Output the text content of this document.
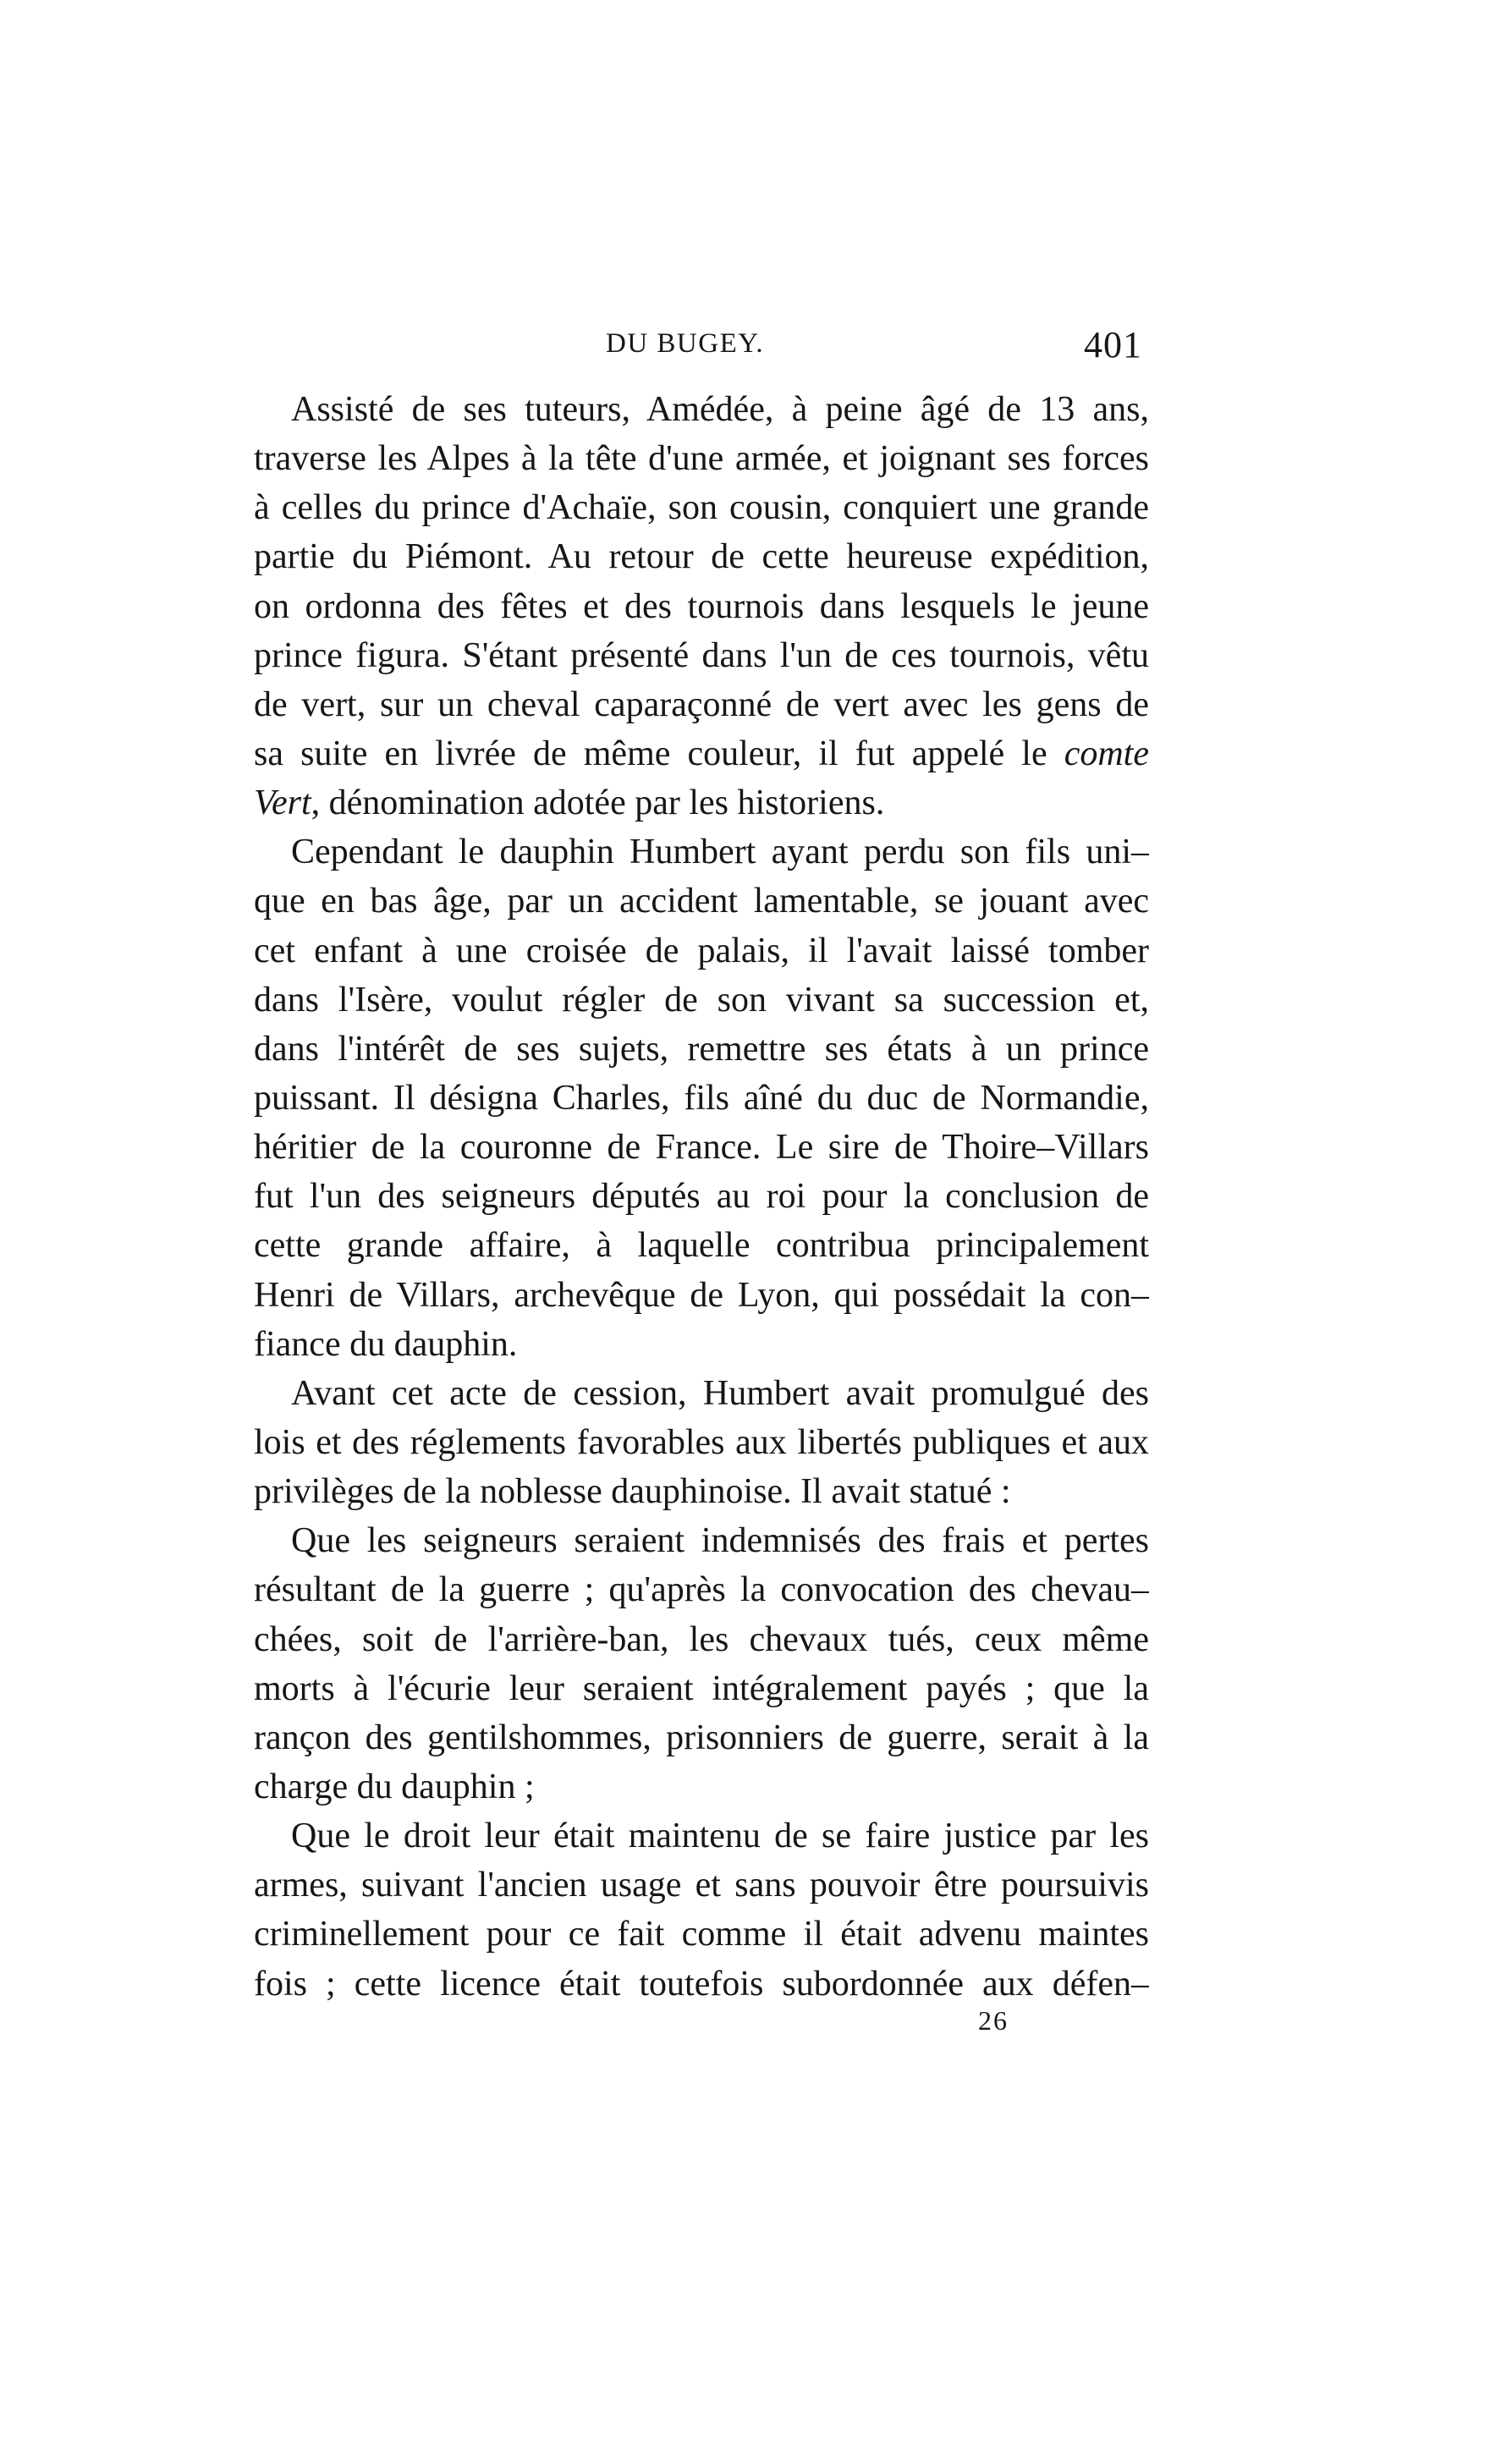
DU BUGEY.	401
Assisté de ses tuteurs, Amédée, à peine âgé de 13 ans,
traverse les Alpes à la tête d'une armée, et joignant ses forces
à celles du prince d'Achaïe, son cousin, conquiert une grande
partie du Piémont. Au retour de cette heureuse expédition,
on ordonna des fêtes et des tournois dans lesquels le jeune
prince figura. S'étant présenté dans l'un de ces tournois, vêtu
de vert, sur un cheval caparaçonné de vert avec les gens de
sa suite en livrée de même couleur, il fut appelé le comte
Vert, dénomination adotée par les historiens.
Cependant le dauphin Humbert ayant perdu son fils uni–
que en bas âge, par un accident lamentable, se jouant avec
cet enfant à une croisée de palais, il l'avait laissé tomber
dans l'Isère, voulut régler de son vivant sa succession et,
dans l'intérêt de ses sujets, remettre ses états à un prince
puissant. Il désigna Charles, fils aîné du duc de Normandie,
héritier de la couronne de France. Le sire de Thoire–Villars
fut l'un des seigneurs députés au roi pour la conclusion de
cette grande affaire, à laquelle contribua principalement
Henri de Villars, archevêque de Lyon, qui possédait la con–
fiance du dauphin.
Avant cet acte de cession, Humbert avait promulgué des
lois et des réglements favorables aux libertés publiques et aux
privilèges de la noblesse dauphinoise. Il avait statué :
Que les seigneurs seraient indemnisés des frais et pertes
résultant de la guerre ; qu'après la convocation des chevau–
chées, soit de l'arrière-ban, les chevaux tués, ceux même
morts à l'écurie leur seraient intégralement payés ; que la
rançon des gentilshommes, prisonniers de guerre, serait à la
charge du dauphin ;
Que le droit leur était maintenu de se faire justice par les
armes, suivant l'ancien usage et sans pouvoir être poursuivis
criminellement pour ce fait comme il était advenu maintes
fois ; cette licence était toutefois subordonnée aux défen–
26
